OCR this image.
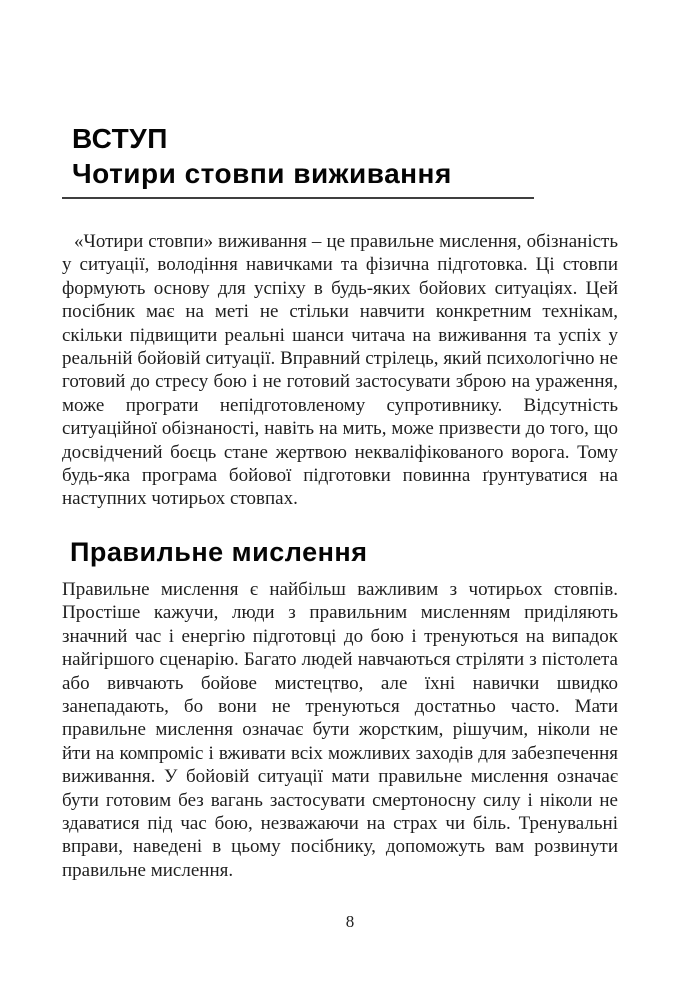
ВСТУП
Чотири стовпи виживання

«Чотири стовпи» виживання – це правильне мислення, обізнаність у ситуації, володіння навичками та фізична підготовка. Ці стовпи формують основу для успіху в будь-яких бойових ситуаціях. Цей посібник має на меті не стільки навчити конкретним технікам, скільки підвищити реальні шанси читача на виживання та успіх у реальній бойовій ситуації. Вправний стрілець, який психологічно не готовий до стресу бою і не готовий застосувати зброю на ураження, може програти непідготовленому супротивнику. Відсутність ситуаційної обізнаності, навіть на мить, може призвести до того, що досвідчений боєць стане жертвою некваліфікованого ворога. Тому будь-яка програма бойової підготовки повинна ґрунтуватися на наступних чотирьох стовпах.

Правильне мислення

Правильне мислення є найбільш важливим з чотирьох стовпів. Простіше кажучи, люди з правильним мисленням приділяють значний час і енергію підготовці до бою і тренуються на випадок найгіршого сценарію. Багато людей навчаються стріляти з пістолета або вивчають бойове мистецтво, але їхні навички швидко занепадають, бо вони не тренуються достатньо часто. Мати правильне мислення означає бути жорстким, рішучим, ніколи не йти на компроміс і вживати всіх можливих заходів для забезпечення виживання. У бойовій ситуації мати правильне мислення означає бути готовим без вагань застосувати смертоносну силу і ніколи не здаватися під час бою, незважаючи на страх чи біль. Тренувальні вправи, наведені в цьому посібнику, допоможуть вам розвинути правильне мислення.

8
